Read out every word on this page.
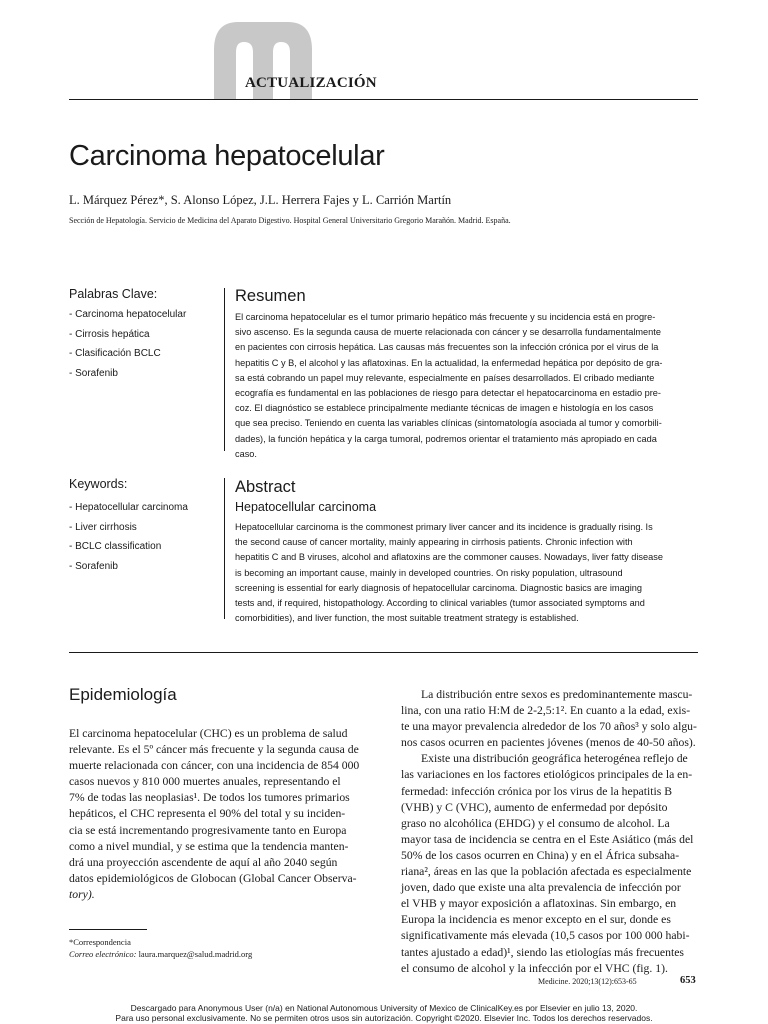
ACTUALIZACIÓN
Carcinoma hepatocelular
L. Márquez Pérez*, S. Alonso López, J.L. Herrera Fajes y L. Carrión Martín
Sección de Hepatología. Servicio de Medicina del Aparato Digestivo. Hospital General Universitario Gregorio Marañón. Madrid. España.
Palabras Clave:
- Carcinoma hepatocelular
- Cirrosis hepática
- Clasificación BCLC
- Sorafenib
Keywords:
- Hepatocellular carcinoma
- Liver cirrhosis
- BCLC classification
- Sorafenib
Resumen
El carcinoma hepatocelular es el tumor primario hepático más frecuente y su incidencia está en progre-
sivo ascenso. Es la segunda causa de muerte relacionada con cáncer y se desarrolla fundamentalmente
en pacientes con cirrosis hepática. Las causas más frecuentes son la infección crónica por el virus de la
hepatitis C y B, el alcohol y las aflatoxinas. En la actualidad, la enfermedad hepática por depósito de gra-
sa está cobrando un papel muy relevante, especialmente en países desarrollados. El cribado mediante
ecografía es fundamental en las poblaciones de riesgo para detectar el hepatocarcinoma en estadio pre-
coz. El diagnóstico se establece principalmente mediante técnicas de imagen e histología en los casos
que sea preciso. Teniendo en cuenta las variables clínicas (sintomatología asociada al tumor y comorbili-
dades), la función hepática y la carga tumoral, podremos orientar el tratamiento más apropiado en cada
caso.
Abstract
Hepatocellular carcinoma
Hepatocellular carcinoma is the commonest primary liver cancer and its incidence is gradually rising. Is
the second cause of cancer mortality, mainly appearing in cirrhosis patients. Chronic infection with
hepatitis C and B viruses, alcohol and aflatoxins are the commoner causes. Nowadays, liver fatty disease
is becoming an important cause, mainly in developed countries. On risky population, ultrasound
screening is essential for early diagnosis of hepatocellular carcinoma. Diagnostic basics are imaging
tests and, if required, histopathology. According to clinical variables (tumor associated symptoms and
comorbidities), and liver function, the most suitable treatment strategy is established.
Epidemiología

El carcinoma hepatocelular (CHC) es un problema de salud

relevante. Es el 5º cáncer más frecuente y la segunda causa de

muerte relacionada con cáncer, con una incidencia de 854 000

casos nuevos y 810 000 muertes anuales, representando el

7% de todas las neoplasias¹. De todos los tumores primarios

hepáticos, el CHC representa el 90% del total y su inciden-

cia se está incrementando progresivamente tanto en Europa

como a nivel mundial, y se estima que la tendencia manten-

drá una proyección ascendente de aquí al año 2040 según

datos epidemiológicos de Globocan (Global Cancer Observa-

tory).

La distribución entre sexos es predominantemente mascu-

lina, con una ratio H:M de 2-2,5:1². En cuanto a la edad, exis-

te una mayor prevalencia alrededor de los 70 años³ y solo algu-

nos casos ocurren en pacientes jóvenes (menos de 40-50 años).

Existe una distribución geográfica heterogénea reflejo de

las variaciones en los factores etiológicos principales de la en-

fermedad: infección crónica por los virus de la hepatitis B

(VHB) y C (VHC), aumento de enfermedad por depósito

graso no alcohólica (EHDG) y el consumo de alcohol. La

mayor tasa de incidencia se centra en el Este Asiático (más del

50% de los casos ocurren en China) y en el África subsaha-

riana², áreas en las que la población afectada es especialmente

joven, dado que existe una alta prevalencia de infección por

el VHB y mayor exposición a aflatoxinas. Sin embargo, en

Europa la incidencia es menor excepto en el sur, donde es

significativamente más elevada (10,5 casos por 100 000 habi-

tantes ajustado a edad)¹, siendo las etiologías más frecuentes

el consumo de alcohol y la infección por el VHC (fig. 1).

*Correspondencia
Correo electrónico: laura.marquez@salud.madrid.org
Medicine. 2020;13(12):653-65	653
Descargado para Anonymous User (n/a) en National Autonomous University of Mexico de ClinicalKey.es por Elsevier en julio 13, 2020.
Para uso personal exclusivamente. No se permiten otros usos sin autorización. Copyright ©2020. Elsevier Inc. Todos los derechos reservados.
